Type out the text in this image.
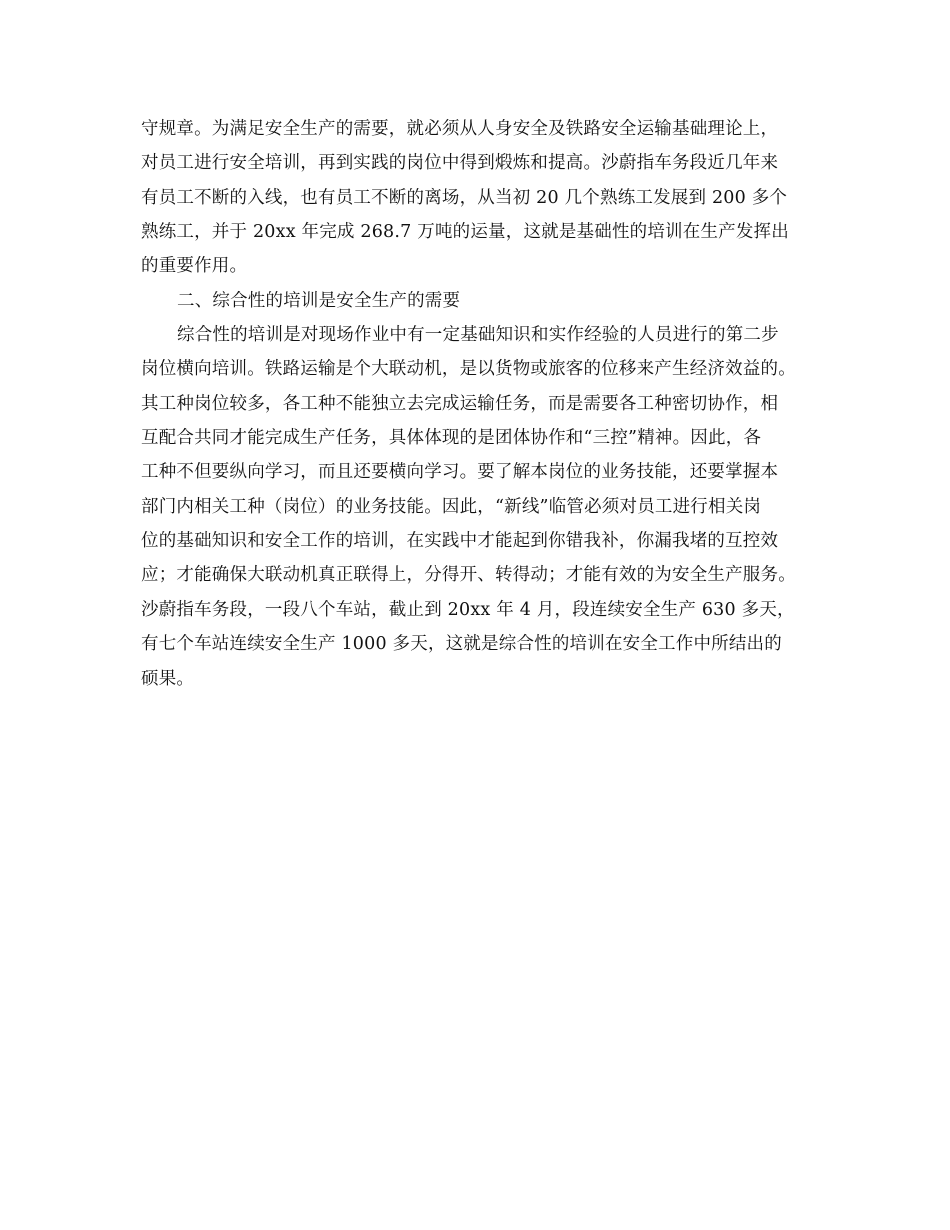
守规章。为满足安全生产的需要，就必须从人身安全及铁路安全运输基础理论上，
对员工进行安全培训，再到实践的岗位中得到煅炼和提高。沙蔚指车务段近几年来
有员工不断的入线，也有员工不断的离场，从当初 20 几个熟练工发展到 200 多个
熟练工，并于 20xx 年完成 268.7 万吨的运量，这就是基础性的培训在生产发挥出
的重要作用。
二、综合性的培训是安全生产的需要
综合性的培训是对现场作业中有一定基础知识和实作经验的人员进行的第二步
岗位横向培训。铁路运输是个大联动机，是以货物或旅客的位移来产生经济效益的。
其工种岗位较多，各工种不能独立去完成运输任务，而是需要各工种密切协作，相
互配合共同才能完成生产任务，具体体现的是团体协作和“三控”精神。因此，各
工种不但要纵向学习，而且还要横向学习。要了解本岗位的业务技能，还要掌握本
部门内相关工种（岗位）的业务技能。因此，“新线”临管必须对员工进行相关岗
位的基础知识和安全工作的培训，在实践中才能起到你错我补，你漏我堵的互控效
应；才能确保大联动机真正联得上，分得开、转得动；才能有效的为安全生产服务。
沙蔚指车务段，一段八个车站，截止到 20xx 年 4 月，段连续安全生产 630 多天，
有七个车站连续安全生产 1000 多天，这就是综合性的培训在安全工作中所结出的
硕果。
